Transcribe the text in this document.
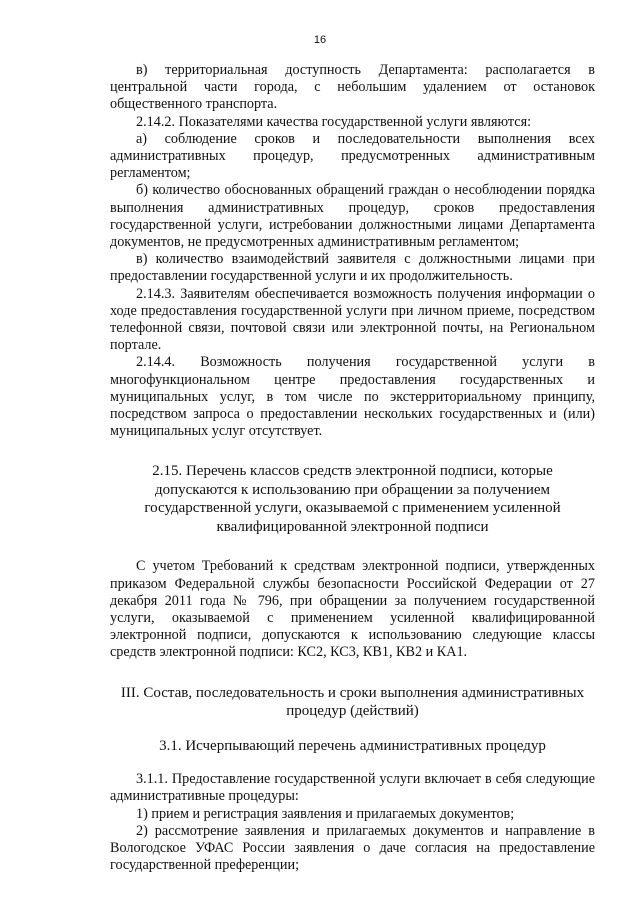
16

в) территориальная доступность Департамента: располагается в центральной части города, с небольшим удалением от остановок общественного транспорта.

2.14.2. Показателями качества государственной услуги являются:

а) соблюдение сроков и последовательности выполнения всех административных процедур, предусмотренных административным регламентом;

б) количество обоснованных обращений граждан о несоблюдении порядка выполнения административных процедур, сроков предоставления государственной услуги, истребовании должностными лицами Департамента документов, не предусмотренных административным регламентом;

в) количество взаимодействий заявителя с должностными лицами при предоставлении государственной услуги и их продолжительность.

2.14.3. Заявителям обеспечивается возможность получения информации о ходе предоставления государственной услуги при личном приеме, посредством телефонной связи, почтовой связи или электронной почты, на Региональном портале.

2.14.4. Возможность получения государственной услуги в многофункциональном центре предоставления государственных и муниципальных услуг, в том числе по экстерриториальному принципу, посредством запроса о предоставлении нескольких государственных и (или) муниципальных услуг отсутствует.

2.15. Перечень классов средств электронной подписи, которые допускаются к использованию при обращении за получением государственной услуги, оказываемой с применением усиленной квалифицированной электронной подписи

С учетом Требований к средствам электронной подписи, утвержденных приказом Федеральной службы безопасности Российской Федерации от 27 декабря 2011 года № 796, при обращении за получением государственной услуги, оказываемой с применением усиленной квалифицированной электронной подписи, допускаются к использованию следующие классы средств электронной подписи: КС2, КС3, КВ1, КВ2 и КА1.

III. Состав, последовательность и сроки выполнения административных процедур (действий)
3.1. Исчерпывающий перечень административных процедур

3.1.1. Предоставление государственной услуги включает в себя следующие административные процедуры:

1) прием и регистрация заявления и прилагаемых документов;

2) рассмотрение заявления и прилагаемых документов и направление в Вологодское УФАС России заявления о даче согласия на предоставление государственной преференции;
